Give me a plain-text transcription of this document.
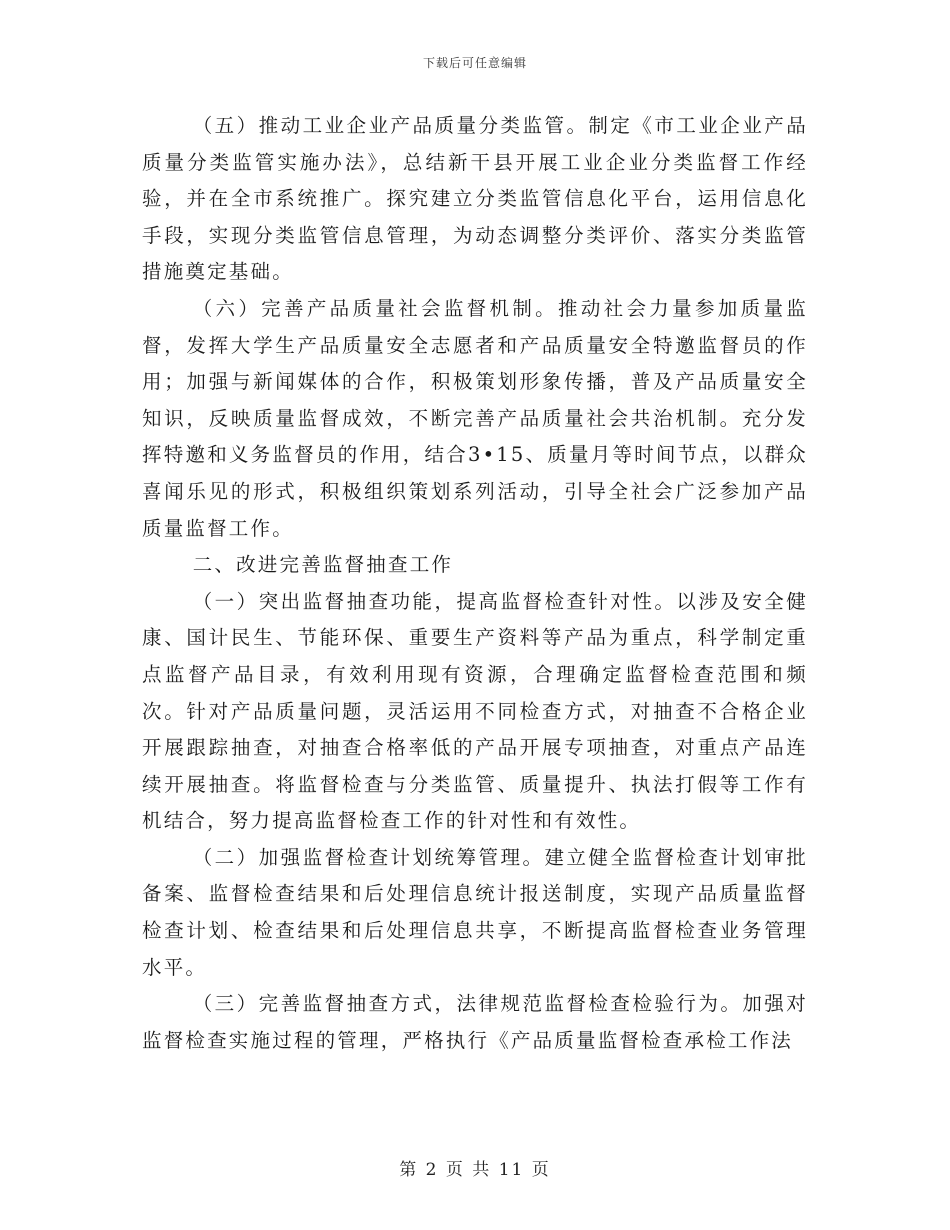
下载后可任意编辑

（五）推动工业企业产品质量分类监管。制定《市工业企业产品质量分类监管实施办法》，总结新干县开展工业企业分类监督工作经验，并在全市系统推广。探究建立分类监管信息化平台，运用信息化手段，实现分类监管信息管理，为动态调整分类评价、落实分类监管措施奠定基础。

（六）完善产品质量社会监督机制。推动社会力量参加质量监督，发挥大学生产品质量安全志愿者和产品质量安全特邀监督员的作用；加强与新闻媒体的合作，积极策划形象传播，普及产品质量安全知识，反映质量监督成效，不断完善产品质量社会共治机制。充分发挥特邀和义务监督员的作用，结合3•15、质量月等时间节点，以群众喜闻乐见的形式，积极组织策划系列活动，引导全社会广泛参加产品质量监督工作。

二、改进完善监督抽查工作

（一）突出监督抽查功能，提高监督检查针对性。以涉及安全健康、国计民生、节能环保、重要生产资料等产品为重点，科学制定重点监督产品目录，有效利用现有资源，合理确定监督检查范围和频次。针对产品质量问题，灵活运用不同检查方式，对抽查不合格企业开展跟踪抽查，对抽查合格率低的产品开展专项抽查，对重点产品连续开展抽查。将监督检查与分类监管、质量提升、执法打假等工作有机结合，努力提高监督检查工作的针对性和有效性。

（二）加强监督检查计划统筹管理。建立健全监督检查计划审批备案、监督检查结果和后处理信息统计报送制度，实现产品质量监督检查计划、检查结果和后处理信息共享，不断提高监督检查业务管理水平。

（三）完善监督抽查方式，法律规范监督检查检验行为。加强对监督检查实施过程的管理，严格执行《产品质量监督检查承检工作法

第 2 页 共 11 页
